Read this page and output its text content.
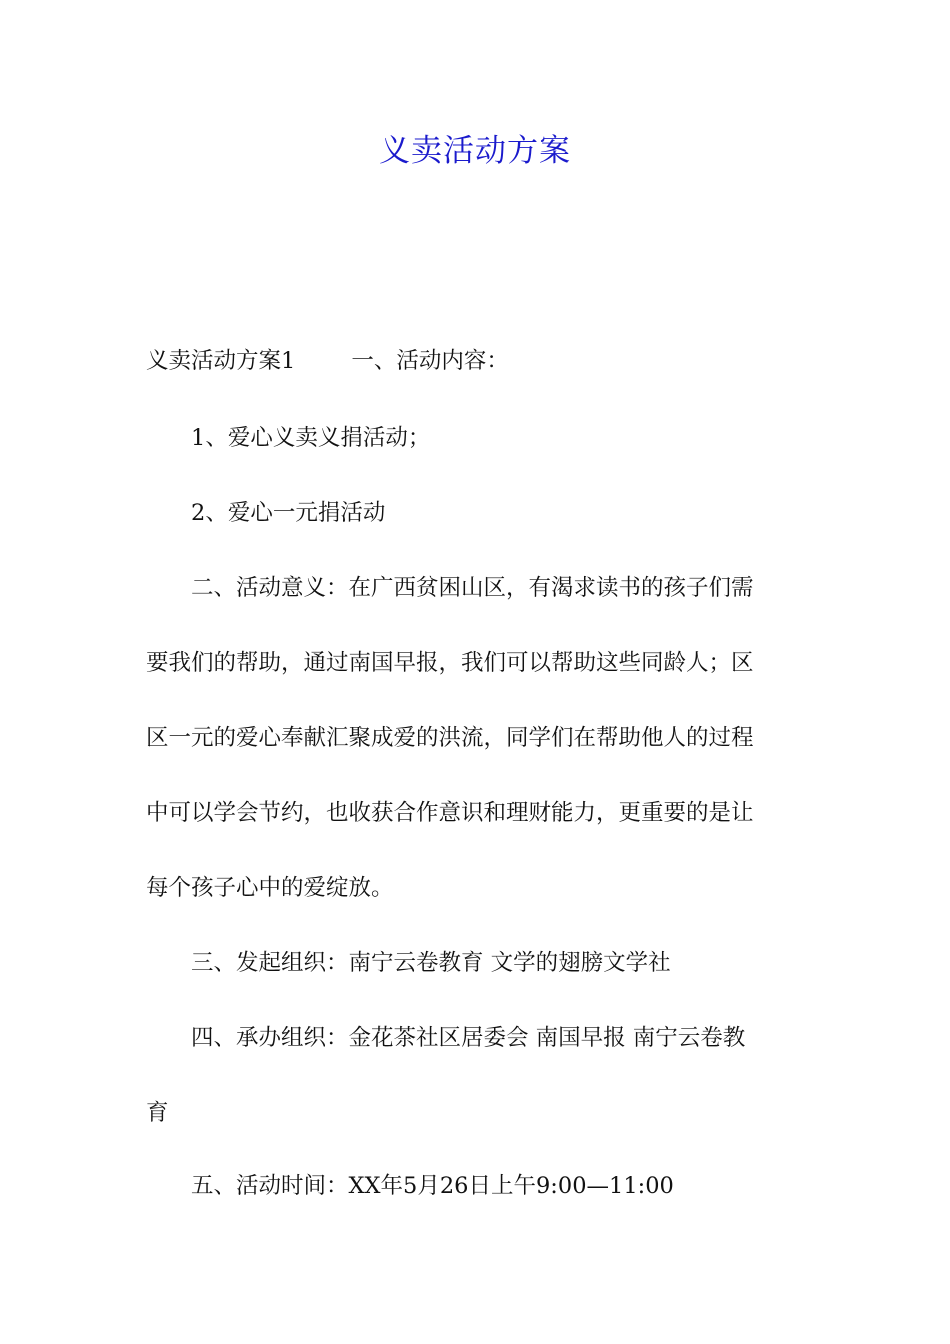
义卖活动方案
义卖活动方案1 一、活动内容：
1、爱心义卖义捐活动；
2、爱心一元捐活动
二、活动意义：在广西贫困山区，有渴求读书的孩子们需
要我们的帮助，通过南国早报，我们可以帮助这些同龄人；区
区一元的爱心奉献汇聚成爱的洪流，同学们在帮助他人的过程
中可以学会节约，也收获合作意识和理财能力，更重要的是让
每个孩子心中的爱绽放。
三、发起组织：南宁云卷教育 文学的翅膀文学社
四、承办组织：金花茶社区居委会 南国早报 南宁云卷教
育
五、活动时间：XX年5月26日上午9:00—11:00
